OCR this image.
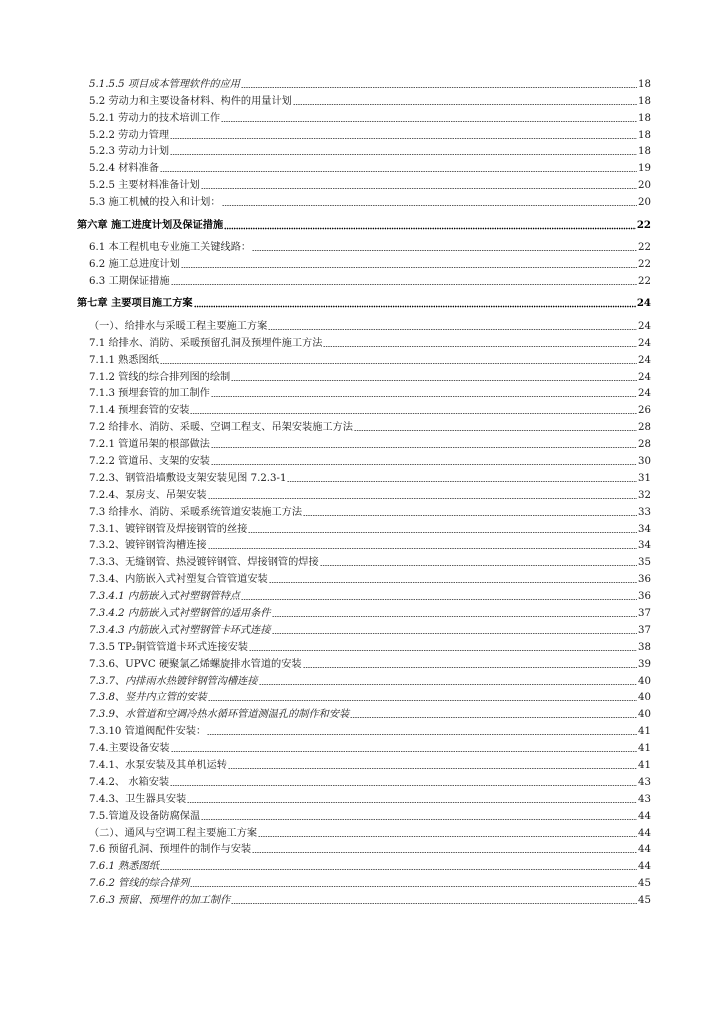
5.1.5.5 项目成本管理软件的应用	18
5.2 劳动力和主要设备材料、构件的用量计划	18
5.2.1 劳动力的技术培训工作	18
5.2.2 劳动力管理	18
5.2.3 劳动力计划	18
5.2.4 材料准备	19
5.2.5 主要材料准备计划	20
5.3 施工机械的投入和计划：	20
第六章 施工进度计划及保证措施	22
6.1 本工程机电专业施工关键线路：	22
6.2 施工总进度计划	22
6.3 工期保证措施	22
第七章 主要项目施工方案	24
（一）、给排水与采暖工程主要施工方案	24
7.1 给排水、消防、采暖预留孔洞及预埋件施工方法	24
7.1.1 熟悉图纸	24
7.1.2 管线的综合排列图的绘制	24
7.1.3 预埋套管的加工制作	24
7.1.4 预埋套管的安装	26
7.2 给排水、消防、采暖、空调工程支、吊架安装施工方法	28
7.2.1 管道吊架的根部做法	28
7.2.2 管道吊、支架的安装	30
7.2.3、钢管沿墙敷设支架安装见图 7.2.3-1	31
7.2.4、泵房支、吊架安装	32
7.3 给排水、消防、采暖系统管道安装施工方法	33
7.3.1、镀锌钢管及焊接钢管的丝接	34
7.3.2、镀锌钢管沟槽连接	34
7.3.3、无缝钢管、热浸镀锌钢管、焊接钢管的焊接	35
7.3.4、内筋嵌入式衬塑复合管管道安装	36
7.3.4.1 内筋嵌入式衬塑钢管特点	36
7.3.4.2 内筋嵌入式衬塑钢管的适用条件	37
7.3.4.3 内筋嵌入式衬塑钢管卡环式连接	37
7.3.5 TP₂铜管管道卡环式连接安装	38
7.3.6、UPVC 硬聚氯乙烯螺旋排水管道的安装	39
7.3.7、内排雨水热镀锌钢管沟槽连接	40
7.3.8、竖井内立管的安装	40
7.3.9、水管道和空调冷热水循环管道测温孔的制作和安装	40
7.3.10 管道阀配件安装：	41
7.4.主要设备安装	41
7.4.1、水泵安装及其单机运转	41
7.4.2、 水箱安装	43
7.4.3、卫生器具安装	43
7.5.管道及设备防腐保温	44
（二）、通风与空调工程主要施工方案	44
7.6 预留孔洞、预埋件的制作与安装	44
7.6.1 熟悉图纸	44
7.6.2 管线的综合排列	45
7.6.3 预留、预埋件的加工制作	45
